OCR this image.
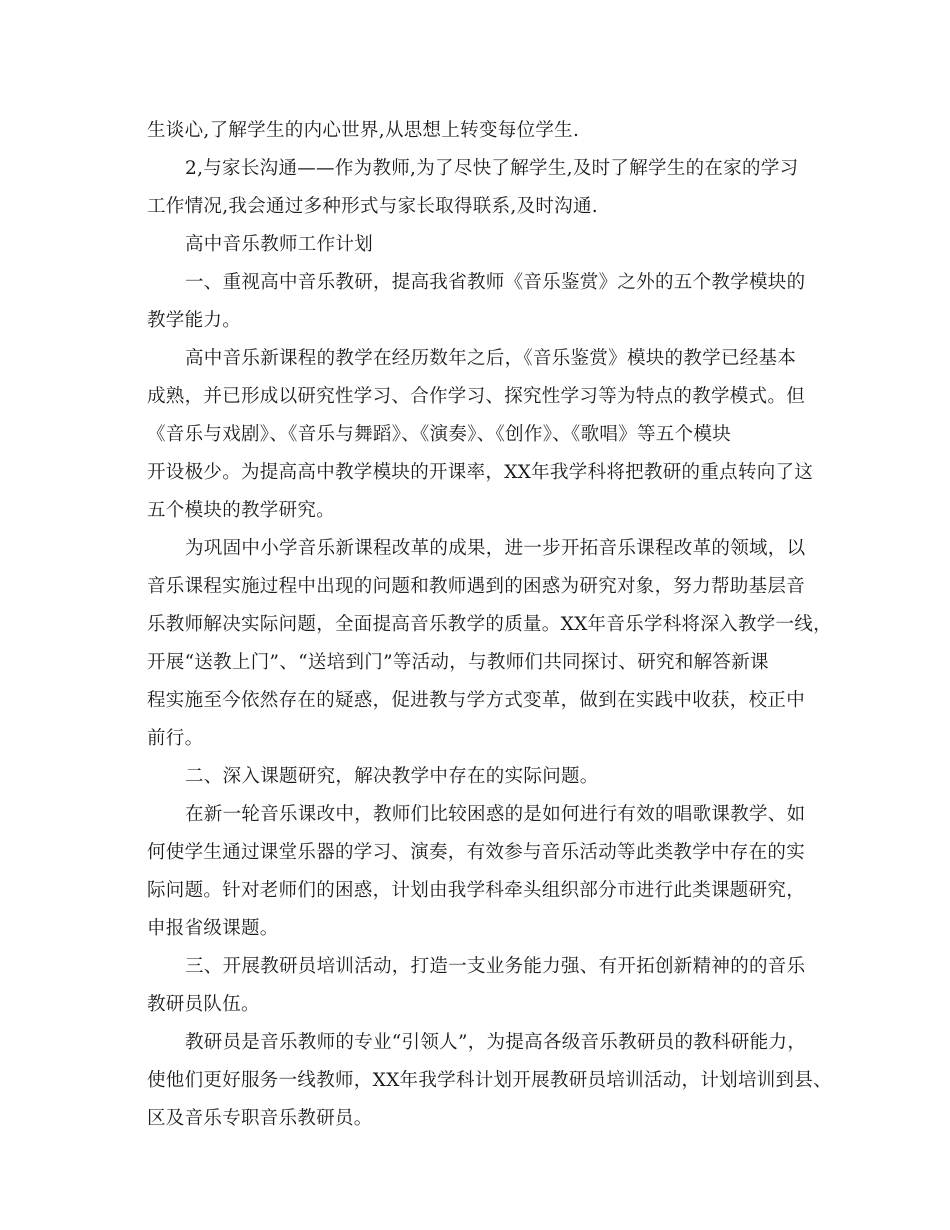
生谈心,了解学生的内心世界,从思想上转变每位学生.
2,与家长沟通——作为教师,为了尽快了解学生,及时了解学生的在家的学习
工作情况,我会通过多种形式与家长取得联系,及时沟通.
高中音乐教师工作计划
一、重视高中音乐教研，提高我省教师《音乐鉴赏》之外的五个教学模块的
教学能力。
高中音乐新课程的教学在经历数年之后，《音乐鉴赏》模块的教学已经基本
成熟，并已形成以研究性学习、合作学习、探究性学习等为特点的教学模式。但
《音乐与戏剧》、《音乐与舞蹈》、《演奏》、《创作》、《歌唱》等五个模块
开设极少。为提高高中教学模块的开课率，XX年我学科将把教研的重点转向了这
五个模块的教学研究。
为巩固中小学音乐新课程改革的成果，进一步开拓音乐课程改革的领域，以
音乐课程实施过程中出现的问题和教师遇到的困惑为研究对象，努力帮助基层音
乐教师解决实际问题，全面提高音乐教学的质量。XX年音乐学科将深入教学一线，
开展“送教上门”、“送培到门”等活动，与教师们共同探讨、研究和解答新课
程实施至今依然存在的疑惑，促进教与学方式变革，做到在实践中收获，校正中
前行。
二、深入课题研究，解决教学中存在的实际问题。
在新一轮音乐课改中，教师们比较困惑的是如何进行有效的唱歌课教学、如
何使学生通过课堂乐器的学习、演奏，有效参与音乐活动等此类教学中存在的实
际问题。针对老师们的困惑，计划由我学科牵头组织部分市进行此类课题研究，
申报省级课题。
三、开展教研员培训活动，打造一支业务能力强、有开拓创新精神的的音乐
教研员队伍。
教研员是音乐教师的专业“引领人”，为提高各级音乐教研员的教科研能力，
使他们更好服务一线教师，XX年我学科计划开展教研员培训活动，计划培训到县、
区及音乐专职音乐教研员。
